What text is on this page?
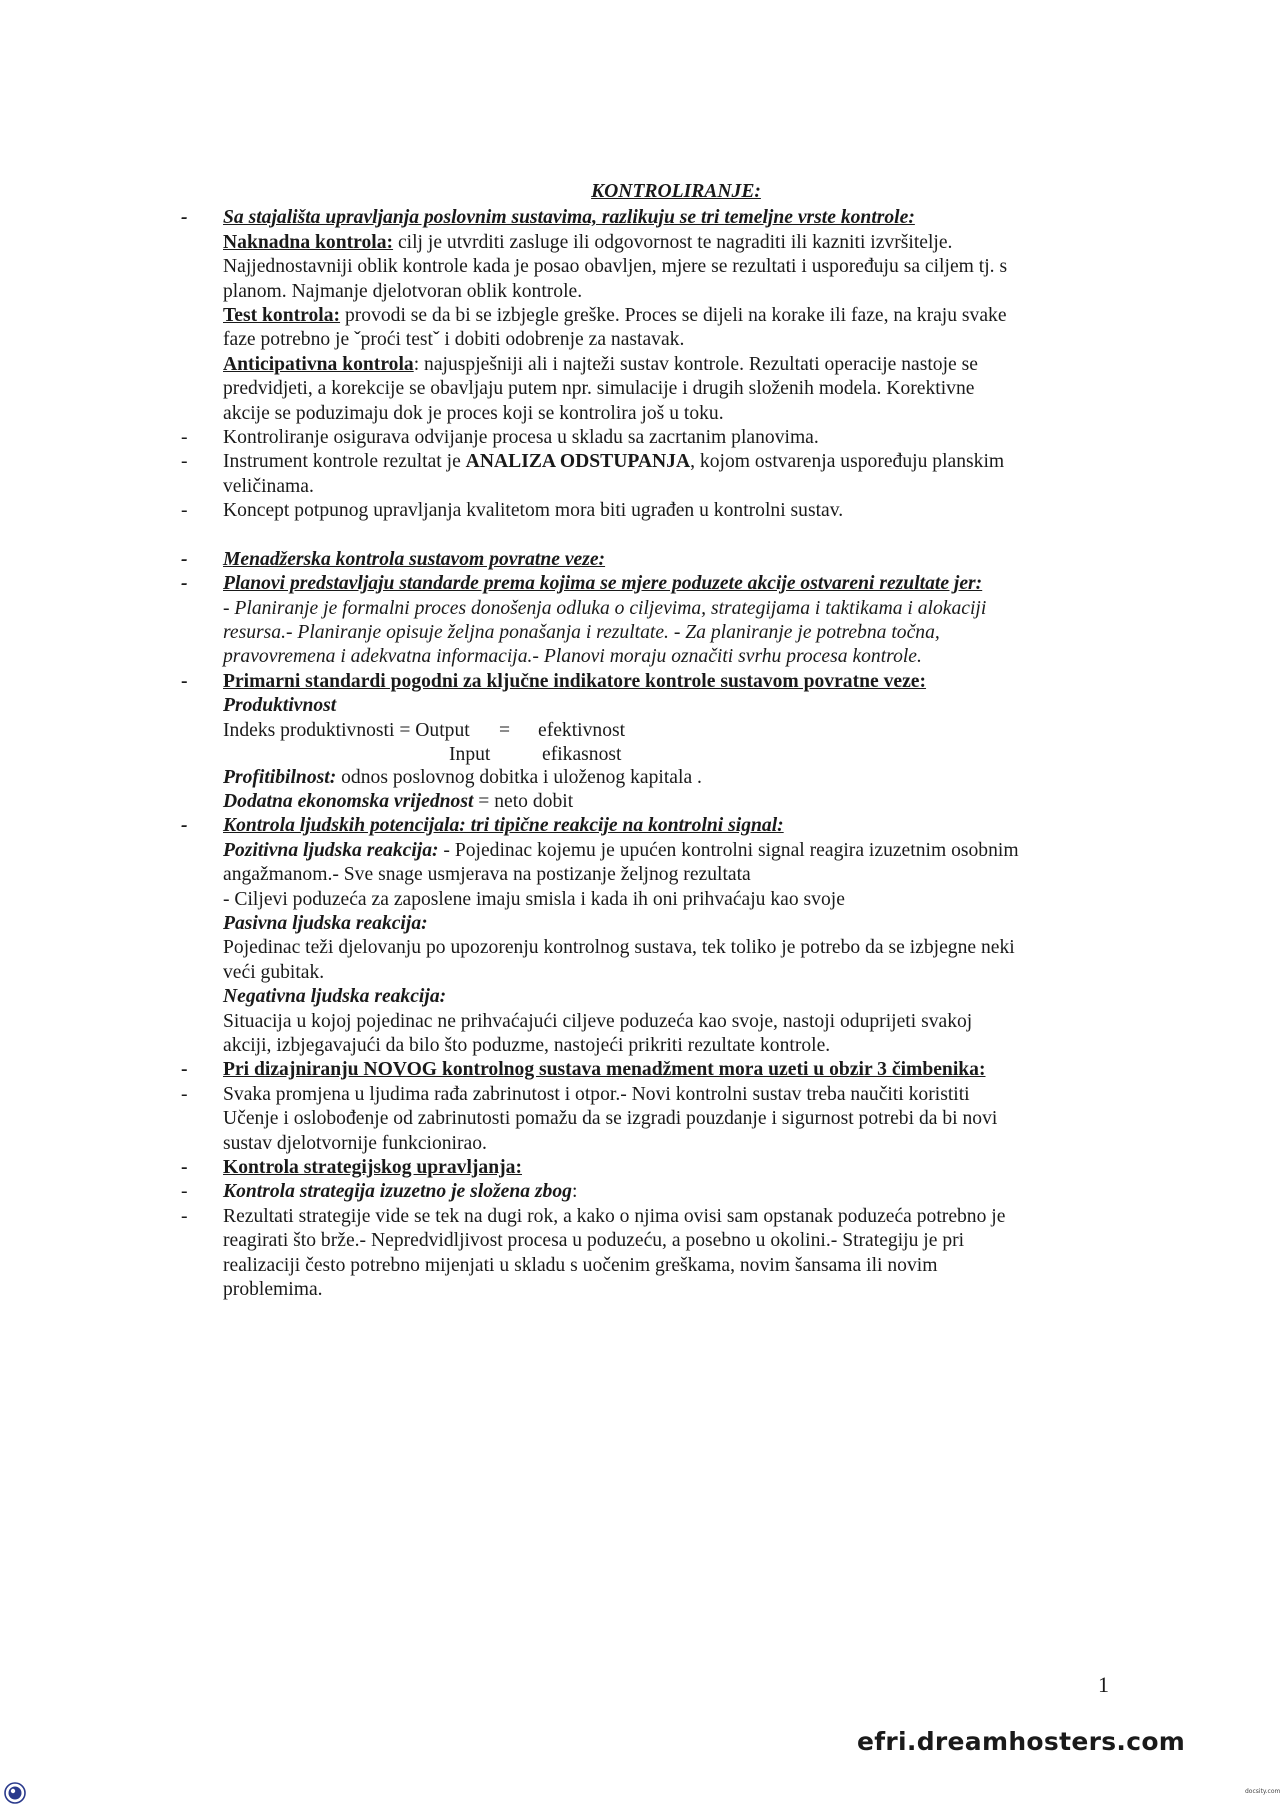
KONTROLIRANJE:
- Sa stajališta upravljanja poslovnim sustavima, razlikuju se tri temeljne vrste kontrole:
Naknadna kontrola: cilj je utvrditi zasluge ili odgovornost te nagraditi ili kazniti izvršitelje.
Najjednostavniji oblik kontrole kada je posao obavljen, mjere se rezultati i uspoređuju sa ciljem tj. s
planom. Najmanje djelotvoran oblik kontrole.
Test kontrola: provodi se da bi se izbjegle greške. Proces se dijeli na korake ili faze, na kraju svake
faze potrebno je ˇproći testˇ i dobiti odobrenje za nastavak.
Anticipativna kontrola: najuspješniji ali i najteži sustav kontrole. Rezultati operacije nastoje se
predvidjeti, a korekcije se obavljaju putem npr. simulacije i drugih složenih modela. Korektivne
akcije se poduzimaju dok je proces koji se kontrolira još u toku.
- Kontroliranje osigurava odvijanje procesa u skladu sa zacrtanim planovima.
- Instrument kontrole rezultat je ANALIZA ODSTUPANJA, kojom ostvarenja uspoređuju planskim
veličinama.
- Koncept potpunog upravljanja kvalitetom mora biti ugrađen u kontrolni sustav.
- Menadžerska kontrola sustavom povratne veze:
- Planovi predstavljaju standarde prema kojima se mjere poduzete akcije ostvareni rezultate jer:
- Planiranje je formalni proces donošenja odluka o ciljevima, strategijama i taktikama i alokaciji
resursa.- Planiranje opisuje željna ponašanja i rezultate. - Za planiranje je potrebna točna,
pravovremena i adekvatna informacija.- Planovi moraju označiti svrhu procesa kontrole.
- Primarni standardi pogodni za ključne indikatore kontrole sustavom povratne veze:
Produktivnost
Indeks produktivnosti = Output = efektivnost
Input	efikasnost
Profitibilnost: odnos poslovnog dobitka i uloženog kapitala .
Dodatna ekonomska vrijednost = neto dobit
- Kontrola ljudskih potencijala: tri tipične reakcije na kontrolni signal:
Pozitivna ljudska reakcija: - Pojedinac kojemu je upućen kontrolni signal reagira izuzetnim osobnim
angažmanom.- Sve snage usmjerava na postizanje željnog rezultata
- Ciljevi poduzeća za zaposlene imaju smisla i kada ih oni prihvaćaju kao svoje
Pasivna ljudska reakcija:
Pojedinac teži djelovanju po upozorenju kontrolnog sustava, tek toliko je potrebo da se izbjegne neki
veći gubitak.
Negativna ljudska reakcija:
Situacija u kojoj pojedinac ne prihvaćajući ciljeve poduzeća kao svoje, nastoji oduprijeti svakoj
akciji, izbjegavajući da bilo što poduzme, nastojeći prikriti rezultate kontrole.
- Pri dizajniranju NOVOG kontrolnog sustava menadžment mora uzeti u obzir 3 čimbenika:
- Svaka promjena u ljudima rađa zabrinutost i otpor.- Novi kontrolni sustav treba naučiti koristiti
Učenje i oslobođenje od zabrinutosti pomažu da se izgradi pouzdanje i sigurnost potrebi da bi novi
sustav djelotvornije funkcionirao.
- Kontrola strategijskog upravljanja:
- Kontrola strategija izuzetno je složena zbog:
- Rezultati strategije vide se tek na dugi rok, a kako o njima ovisi sam opstanak poduzeća potrebno je
reagirati što brže.- Nepredvidljivost procesa u poduzeću, a posebno u okolini.- Strategiju je pri
realizaciji često potrebno mijenjati u skladu s uočenim greškama, novim šansama ili novim
problemima.
1
efri.dreamhosters.com
docsity.com
